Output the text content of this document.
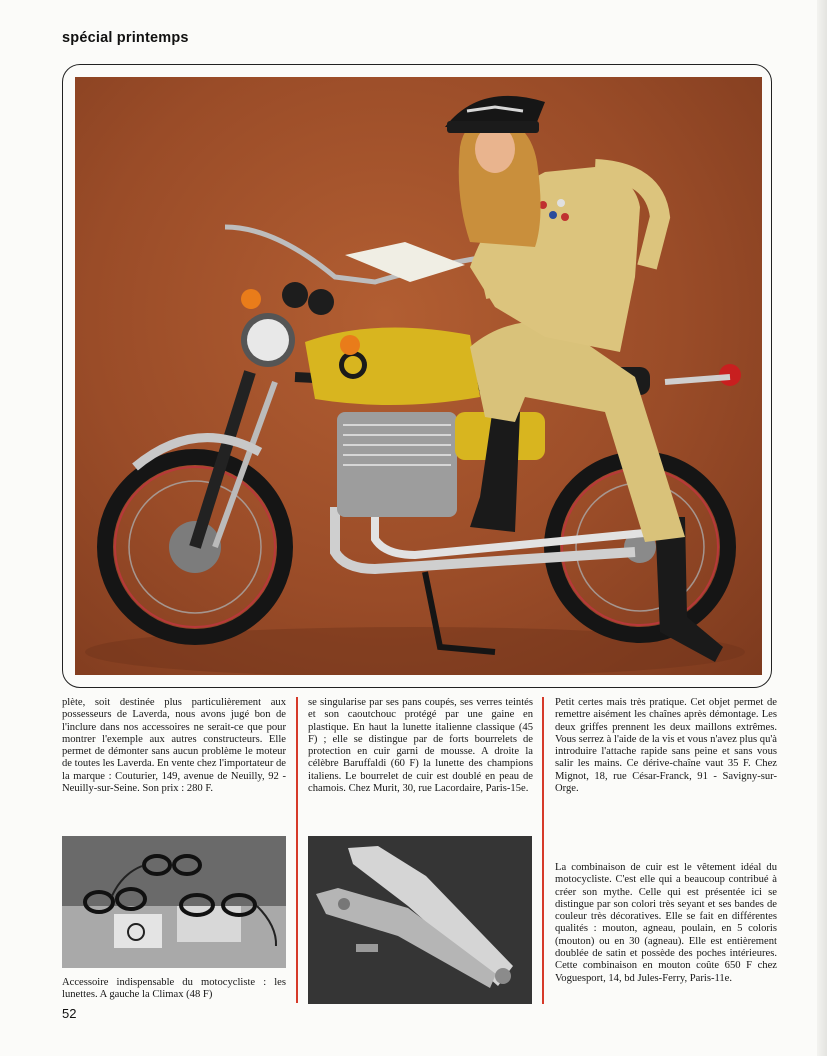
spécial printemps
plète, soit destinée plus particulièrement aux possesseurs de Laverda, nous avons jugé bon de l'inclure dans nos accessoires ne serait-ce que pour montrer l'exemple aux autres constructeurs. Elle permet de démonter sans aucun problème le moteur de toutes les Laverda. En vente chez l'importateur de la marque : Couturier, 149, avenue de Neuilly, 92 - Neuilly-sur-Seine. Son prix : 280 F.
se singularise par ses pans coupés, ses verres teintés et son caoutchouc protégé par une gaine en plastique. En haut la lunette italienne classique (45 F) ; elle se distingue par de forts bourrelets de protection en cuir garni de mousse. A droite la célèbre Baruffaldi (60 F) la lunette des champions italiens. Le bourrelet de cuir est doublé en peau de chamois. Chez Murit, 30, rue Lacordaire, Paris-15e.
Petit certes mais très pratique. Cet objet permet de remettre aisément les chaînes après démontage. Les deux griffes prennent les deux maillons extrêmes. Vous serrez à l'aide de la vis et vous n'avez plus qu'à introduire l'attache rapide sans peine et sans vous salir les mains. Ce dérive-chaîne vaut 35 F. Chez Mignot, 18, rue César-Franck, 91 - Savigny-sur-Orge.
Accessoire indispensable du motocycliste : les lunettes. A gauche la Climax (48 F)
La combinaison de cuir est le vêtement idéal du motocycliste. C'est elle qui a beaucoup contribué à créer son mythe. Celle qui est présentée ici se distingue par son colori très seyant et ses bandes de couleur très décoratives. Elle se fait en différentes qualités : mouton, agneau, poulain, en 5 coloris (mouton) ou en 30 (agneau). Elle est entièrement doublée de satin et possède des poches intérieures. Cette combinaison en mouton coûte 650 F chez Voguesport, 14, bd Jules-Ferry, Paris-11e.
52
